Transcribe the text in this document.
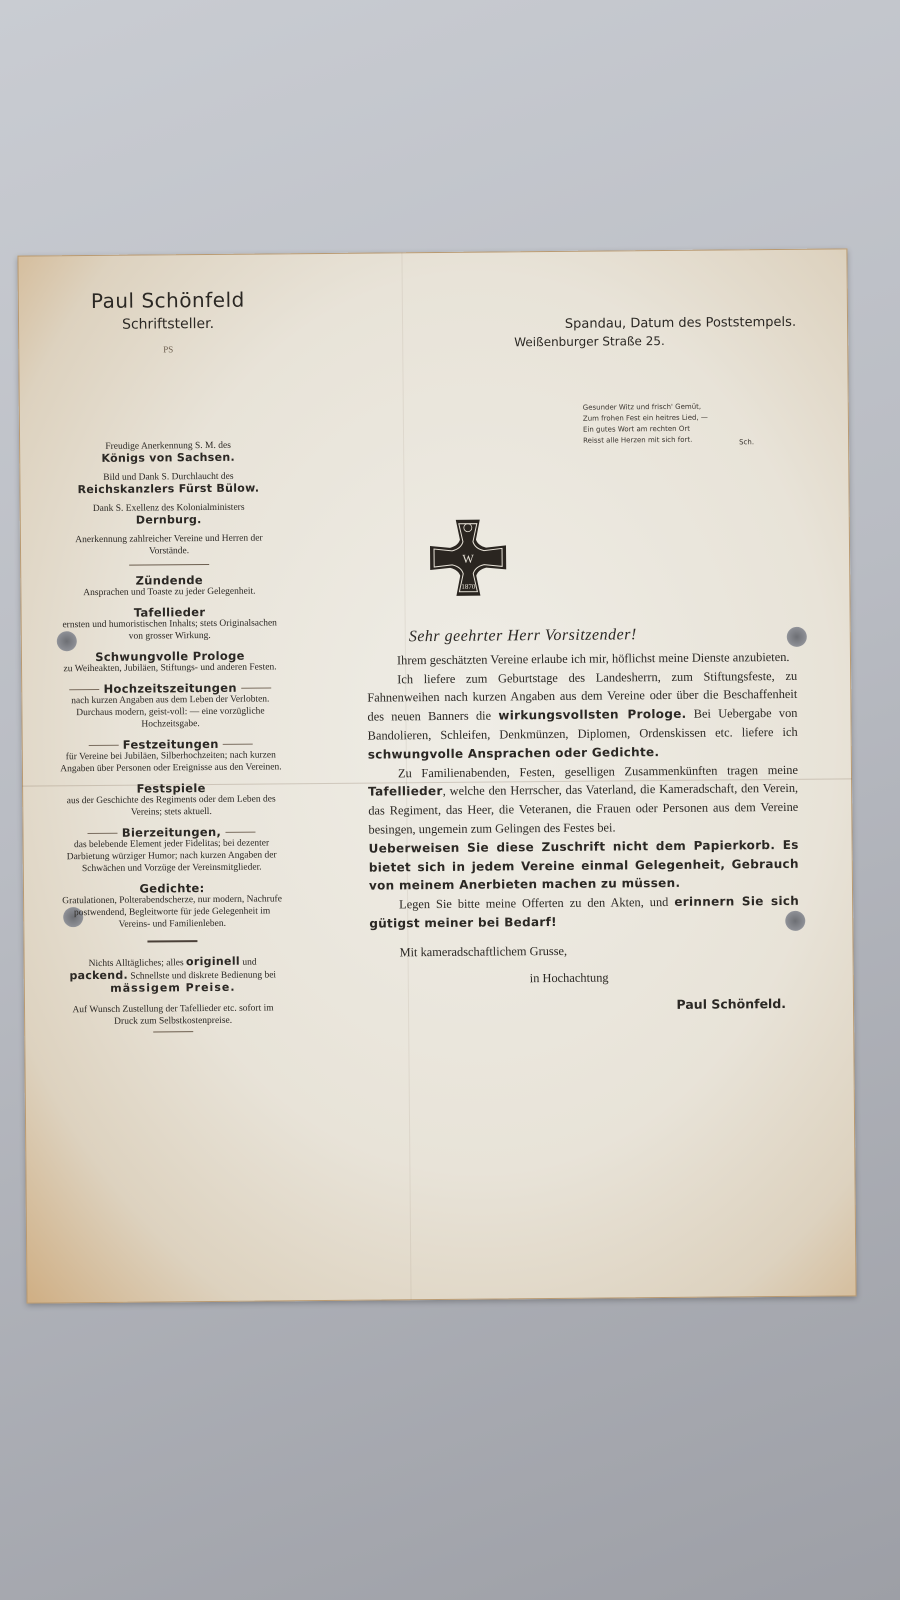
Paul Schönfeld
Schriftsteller.
PS
Spandau, Datum des Poststempels.
Weißenburger Straße 25.
Gesunder Witz und frisch' Gemüt,
Zum frohen Fest ein heitres Lied, —
Ein gutes Wort am rechten Ort
Reisst alle Herzen mit sich fort.	Sch.
Freudige Anerkennung S. M. des
Königs von Sachsen.
Bild und Dank S. Durchlaucht des
Reichskanzlers Fürst Bülow.
Dank S. Exellenz des Kolonialministers
Dernburg.
Anerkennung zahlreicher Vereine und Herren der Vorstände.
Zündende
Ansprachen und Toaste zu jeder Gelegenheit.
Tafellieder
ernsten und humoristischen Inhalts; stets Originalsachen von grosser Wirkung.
Schwungvolle Prologe
zu Weiheakten, Jubiläen, Stiftungs- und anderen Festen.
Hochzeitszeitungen
nach kurzen Angaben aus dem Leben der Verlobten. Durchaus modern, geist-voll: — eine vorzügliche Hochzeitsgabe.
Festzeitungen
für Vereine bei Jubiläen, Silberhochzeiten; nach kurzen Angaben über Personen oder Ereignisse aus den Vereinen.
Festspiele
aus der Geschichte des Regiments oder dem Leben des Vereins; stets aktuell.
Bierzeitungen,
das belebende Element jeder Fidelitas; bei dezenter Darbietung würziger Humor; nach kurzen Angaben der Schwächen und Vorzüge der Vereinsmitglieder.
Gedichte:
Gratulationen, Polterabendscherze, nur modern, Nachrufe postwendend, Begleitworte für jede Gelegenheit im Vereins- und Familienleben.
Nichts Alltägliches; alles originell und
packend. Schnellste und diskrete Bedienung bei
mässigem Preise.
Auf Wunsch Zustellung der Tafellieder etc. sofort im Druck zum Selbstkostenpreise.
W
1870
Sehr geehrter Herr Vorsitzender!

Ihrem geschätzten Vereine erlaube ich mir, höflichst meine Dienste anzubieten.

Ich liefere zum Geburtstage des Landesherrn, zum Stiftungsfeste, zu Fahnenweihen nach kurzen Angaben aus dem Vereine oder über die Beschaffenheit des neuen Banners die wirkungsvollsten Prologe. Bei Uebergabe von Bandolieren, Schleifen, Denkmünzen, Diplomen, Ordenskissen etc. liefere ich schwungvolle Ansprachen oder Gedichte.

Zu Familienabenden, Festen, geselligen Zusammenkünften tragen meine Tafellieder, welche den Herrscher, das Vaterland, die Kameradschaft, den Verein, das Regiment, das Heer, die Veteranen, die Frauen oder Personen aus dem Vereine besingen, ungemein zum Gelingen des Festes bei.

Ueberweisen Sie diese Zuschrift nicht dem Papierkorb. Es bietet sich in jedem Vereine einmal Gelegenheit, Gebrauch von meinem Anerbieten machen zu müssen.

Legen Sie bitte meine Offerten zu den Akten, und erinnern Sie sich gütigst meiner bei Bedarf!

Mit kameradschaftlichem Grusse,
in Hochachtung
Paul Schönfeld.
